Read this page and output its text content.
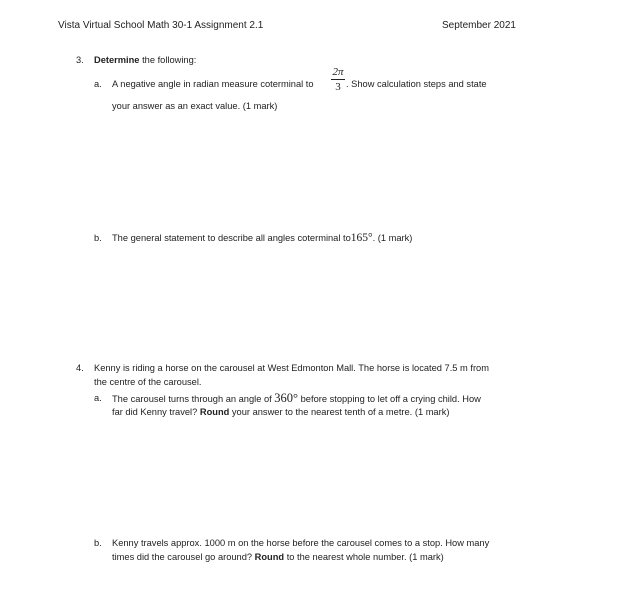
Vista Virtual School Math 30-1 Assignment 2.1	September 2021
3. Determine the following:
a. A negative angle in radian measure coterminal to
2π
3 . Show calculation steps and state
your answer as an exact value. (1 mark)
b. The general statement to describe all angles coterminal to165°. (1 mark)
4. Kenny is riding a horse on the carousel at West Edmonton Mall. The horse is located 7.5 m from
the centre of the carousel.
a. The carousel turns through an angle of 360° before stopping to let off a crying child. How
far did Kenny travel? Round your answer to the nearest tenth of a metre. (1 mark)
b. Kenny travels approx. 1000 m on the horse before the carousel comes to a stop. How many
times did the carousel go around? Round to the nearest whole number. (1 mark)
